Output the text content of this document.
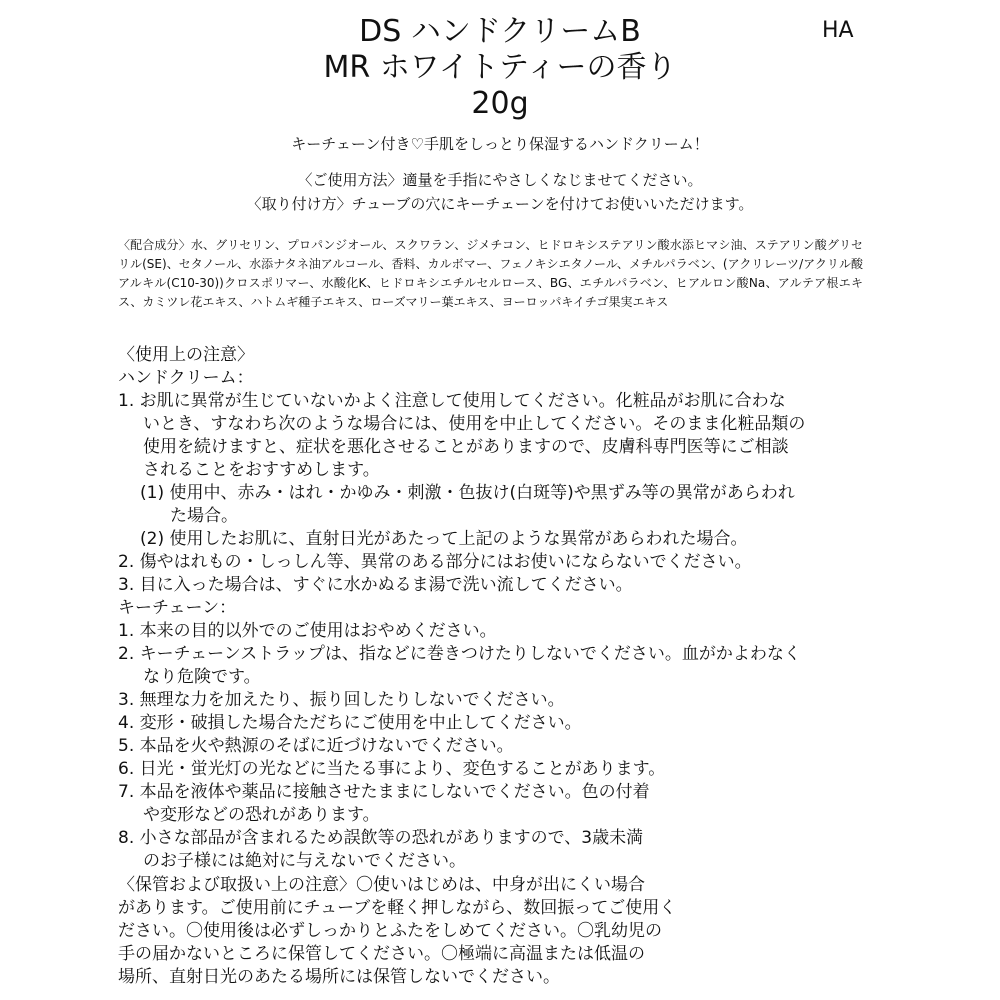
DS ハンドクリームB
MR ホワイトティーの香り
20g
HA
キーチェーン付き♡手肌をしっとり保湿するハンドクリーム！
〈ご使用方法〉適量を手指にやさしくなじませてください。
〈取り付け方〉チューブの穴にキーチェーンを付けてお使いいただけます。
〈配合成分〉水、グリセリン、プロパンジオール、スクワラン、ジメチコン、ヒドロキシステアリン酸水添ヒマシ油、ステアリン酸グリセリル(SE)、セタノール、水添ナタネ油アルコール、香料、カルボマー、フェノキシエタノール、メチルパラベン、(アクリレーツ/アクリル酸アルキル(C10-30))クロスポリマー、水酸化K、ヒドロキシエチルセルロース、BG、エチルパラベン、ヒアルロン酸Na、アルテア根エキス、カミツレ花エキス、ハトムギ種子エキス、ローズマリー葉エキス、ヨーロッパキイチゴ果実エキス
〈使用上の注意〉
ハンドクリーム：
1. お肌に異常が生じていないかよく注意して使用してください。化粧品がお肌に合わな
いとき、すなわち次のような場合には、使用を中止してください。そのまま化粧品類の
使用を続けますと、症状を悪化させることがありますので、皮膚科専門医等にご相談
されることをおすすめします。
(1) 使用中、赤み・はれ・かゆみ・刺激・色抜け(白斑等)や黒ずみ等の異常があらわれ
た場合。
(2) 使用したお肌に、直射日光があたって上記のような異常があらわれた場合。
2. 傷やはれもの・しっしん等、異常のある部分にはお使いにならないでください。
3. 目に入った場合は、すぐに水かぬるま湯で洗い流してください。
キーチェーン：
1. 本来の目的以外でのご使用はおやめください。
2. キーチェーンストラップは、指などに巻きつけたりしないでください。血がかよわなく
なり危険です。
3. 無理な力を加えたり、振り回したりしないでください。
4. 変形・破損した場合ただちにご使用を中止してください。
5. 本品を火や熱源のそばに近づけないでください。
6. 日光・蛍光灯の光などに当たる事により、変色することがあります。
7. 本品を液体や薬品に接触させたままにしないでください。色の付着
や変形などの恐れがあります。
8. 小さな部品が含まれるため誤飲等の恐れがありますので、3歳未満
のお子様には絶対に与えないでください。
〈保管および取扱い上の注意〉〇使いはじめは、中身が出にくい場合
があります。ご使用前にチューブを軽く押しながら、数回振ってご使用く
ださい。〇使用後は必ずしっかりとふたをしめてください。〇乳幼児の
手の届かないところに保管してください。〇極端に高温または低温の
場所、直射日光のあたる場所には保管しないでください。
